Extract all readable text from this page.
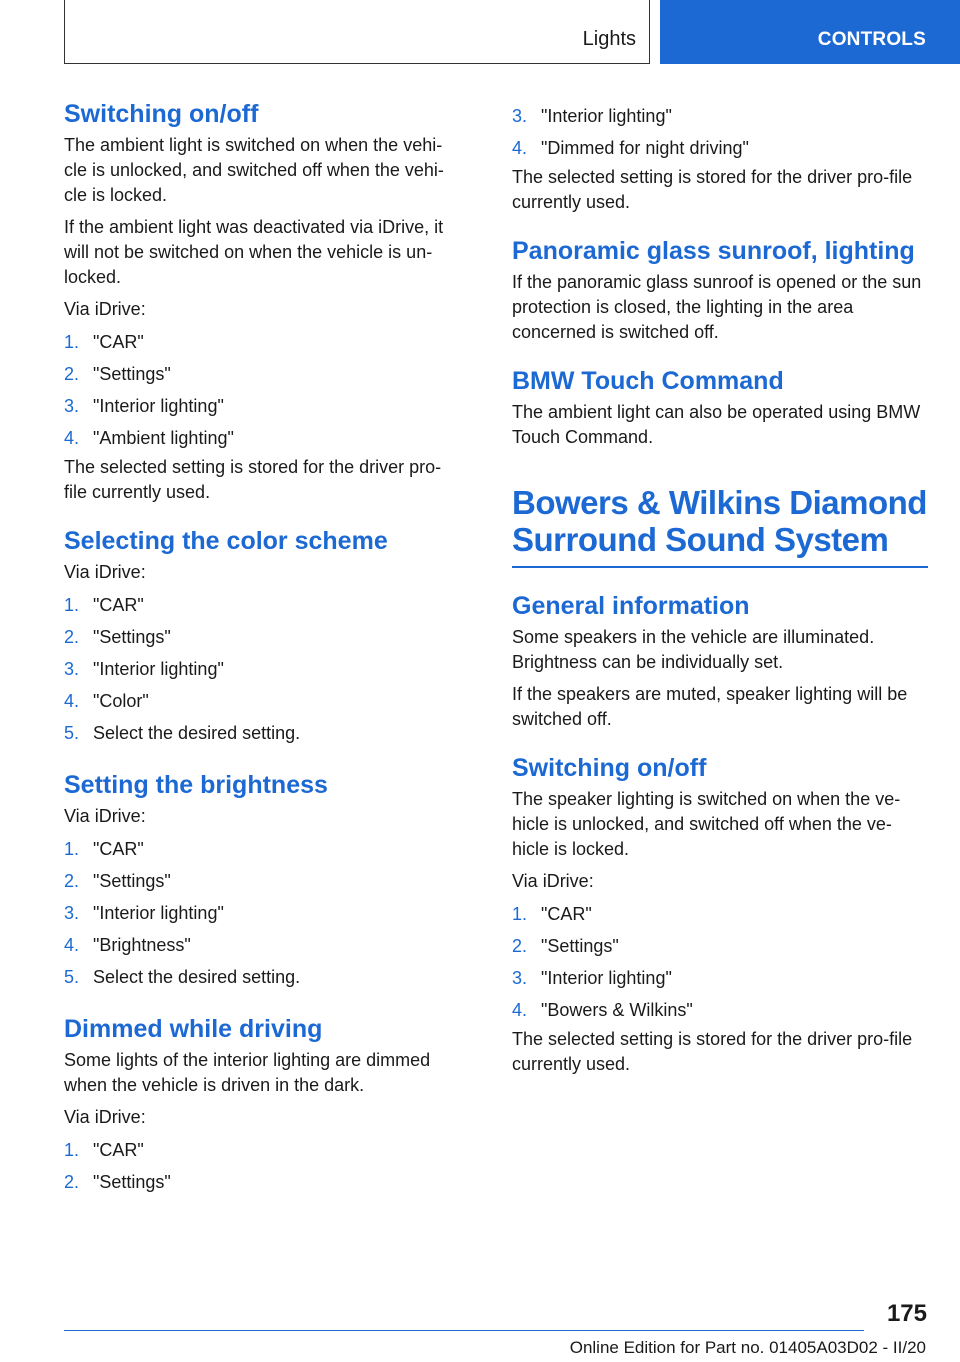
Lights	CONTROLS
Switching on/off

The ambient light is switched on when the vehi‐cle is unlocked, and switched off when the vehi‐cle is locked.

If the ambient light was deactivated via iDrive, it will not be switched on when the vehicle is un‐locked.

Via iDrive:

1. "CAR"
2. "Settings"
3. "Interior lighting"
4. "Ambient lighting"

The selected setting is stored for the driver pro‐file currently used.

Selecting the color scheme

Via iDrive:

1. "CAR"
2. "Settings"
3. "Interior lighting"
4. "Color"
5. Select the desired setting.
Setting the brightness

Via iDrive:

1. "CAR"
2. "Settings"
3. "Interior lighting"
4. "Brightness"
5. Select the desired setting.
Dimmed while driving

Some lights of the interior lighting are dimmed when the vehicle is driven in the dark.

Via iDrive:

1. "CAR"
2. "Settings"
3. "Interior lighting"
4. "Dimmed for night driving"

The selected setting is stored for the driver pro‐file currently used.

Panoramic glass sunroof, lighting

If the panoramic glass sunroof is opened or the sun protection is closed, the lighting in the area concerned is switched off.

BMW Touch Command

The ambient light can also be operated using BMW Touch Command.

Bowers & Wilkins Diamond Surround Sound System
General information

Some speakers in the vehicle are illuminated. Brightness can be individually set.

If the speakers are muted, speaker lighting will be switched off.

Switching on/off

The speaker lighting is switched on when the ve‐hicle is unlocked, and switched off when the ve‐hicle is locked.

Via iDrive:

1. "CAR"
2. "Settings"
3. "Interior lighting"
4. "Bowers & Wilkins"

The selected setting is stored for the driver pro‐file currently used.

175
Online Edition for Part no. 01405A03D02 - II/20
